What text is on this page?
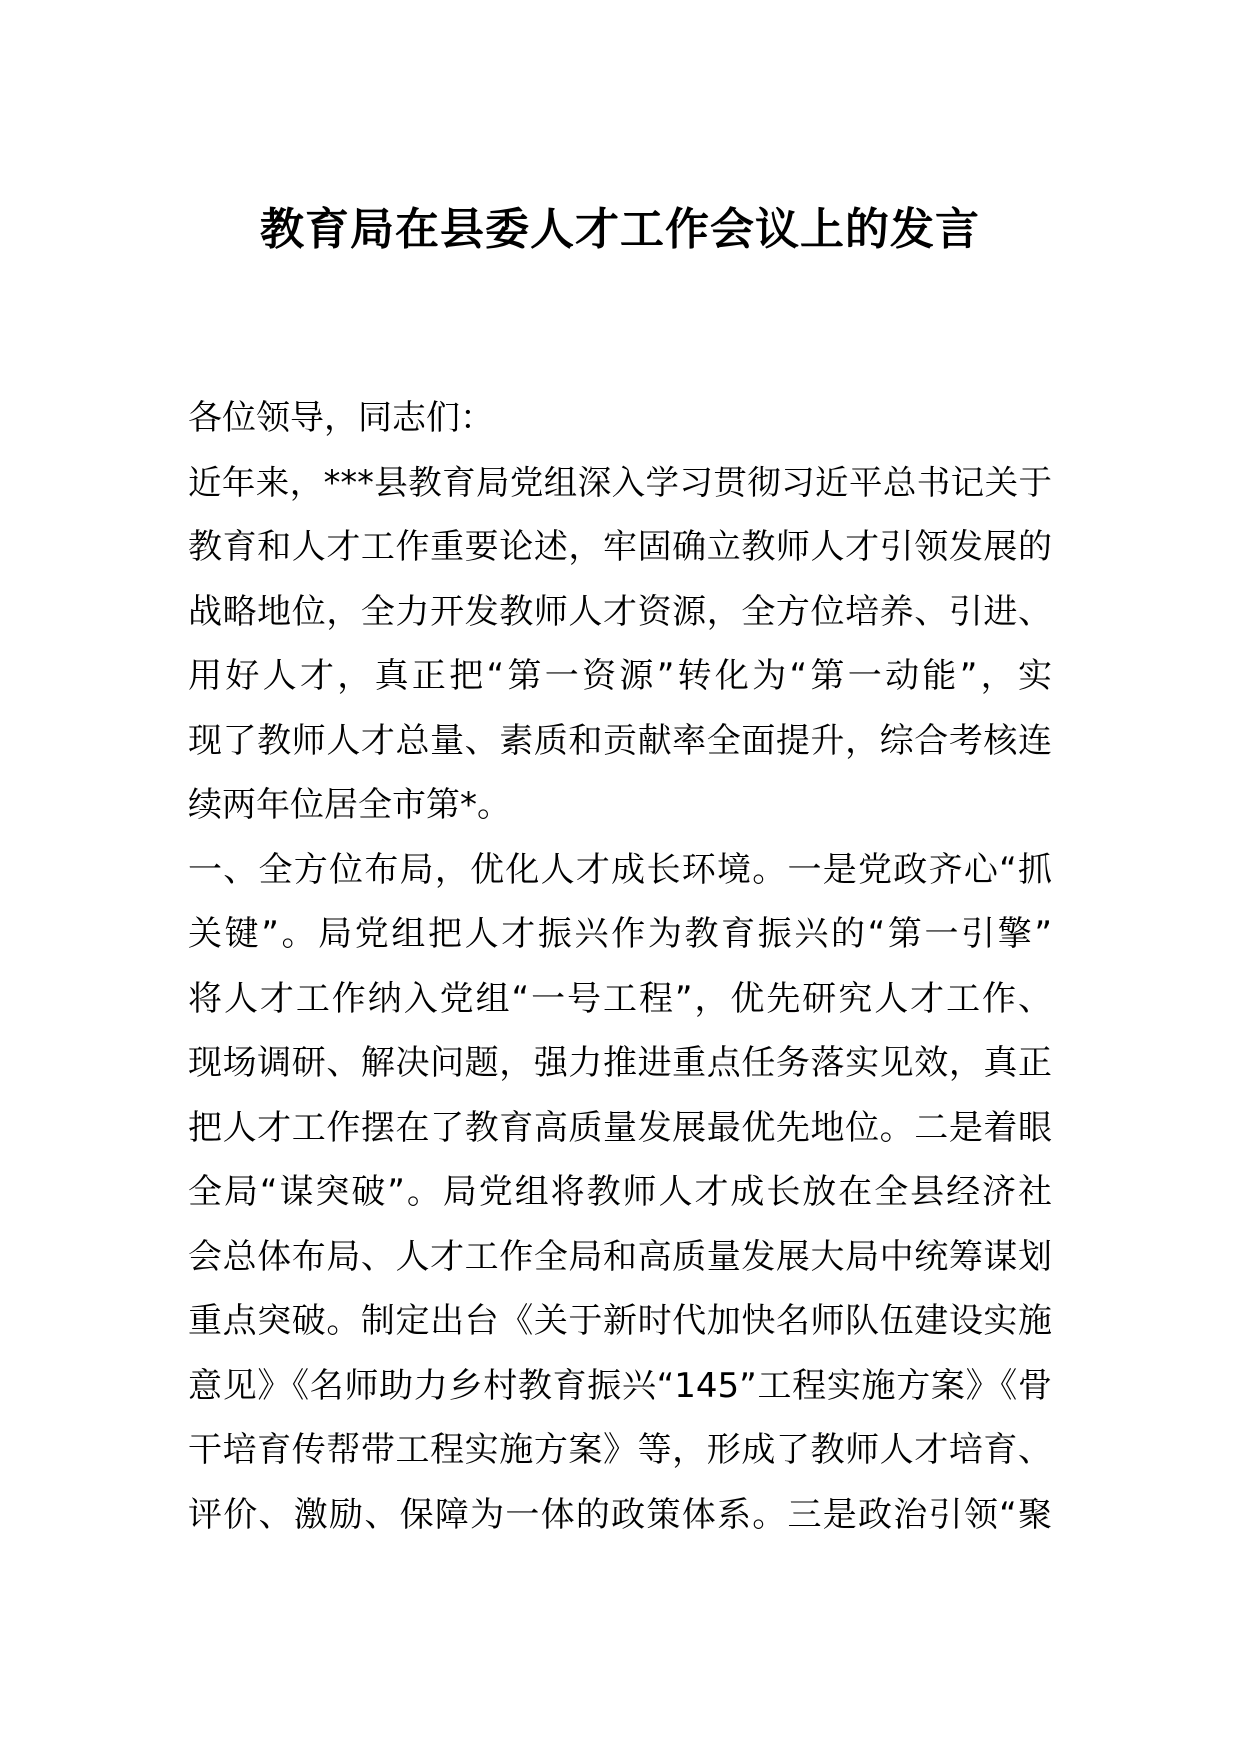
教育局在县委人才工作会议上的发言
各位领导，同志们：
近年来，***县教育局党组深入学习贯彻习近平总书记关于
教育和人才工作重要论述，牢固确立教师人才引领发展的
战略地位，全力开发教师人才资源，全方位培养、引进、
用好人才，真正把“第一资源”转化为“第一动能”，实
现了教师人才总量、素质和贡献率全面提升，综合考核连
续两年位居全市第*。
一、全方位布局，优化人才成长环境。一是党政齐心“抓
关键”。局党组把人才振兴作为教育振兴的“第一引擎”
将人才工作纳入党组“一号工程”，优先研究人才工作、
现场调研、解决问题，强力推进重点任务落实见效，真正
把人才工作摆在了教育高质量发展最优先地位。二是着眼
全局“谋突破”。局党组将教师人才成长放在全县经济社
会总体布局、人才工作全局和高质量发展大局中统筹谋划
重点突破。制定出台《关于新时代加快名师队伍建设实施
意见》《名师助力乡村教育振兴“145”工程实施方案》《骨
干培育传帮带工程实施方案》等，形成了教师人才培育、
评价、激励、保障为一体的政策体系。三是政治引领“聚
